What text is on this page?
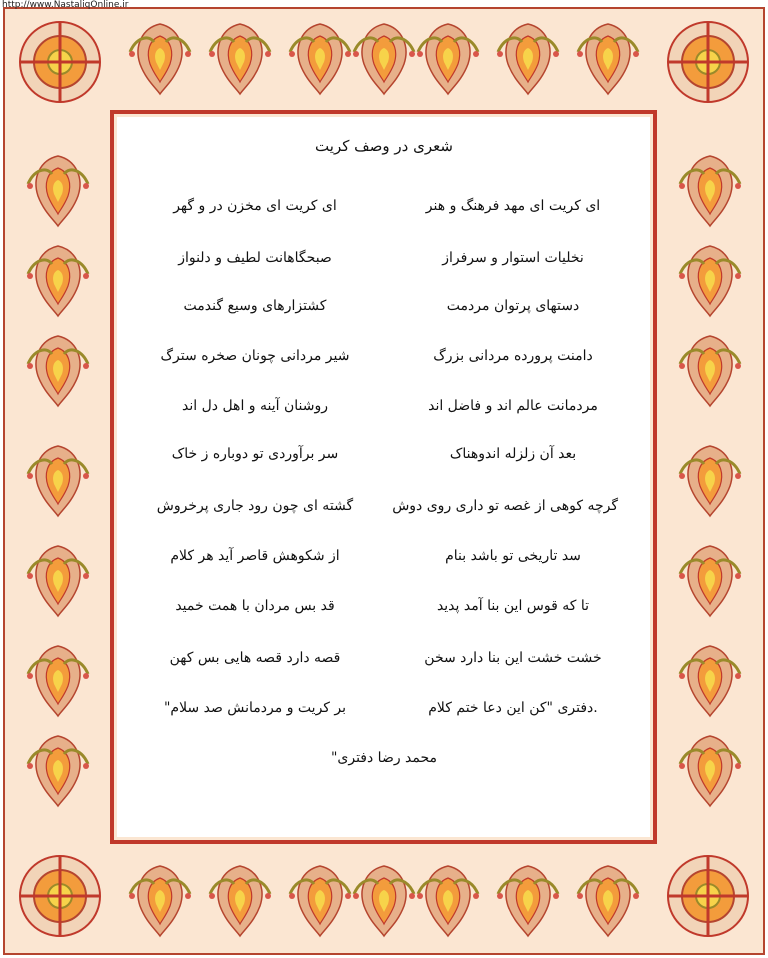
http://www.NastaliqOnline.ir
شعری در وصف کریت
ای کریت ای مهد فرهنگ و هنر
ای کریت ای مخزن در و گهر
نخلیات استوار و سرفراز
صبحگاهانت لطیف و دلنواز
دستهای پرتوان مردمت
کشتزارهای وسیع گندمت
دامنت پرورده مردانی بزرگ
شیر مردانی چونان صخره سترگ
مردمانت عالم اند و فاضل اند
روشنان آینه و اهل دل اند
بعد آن زلزله اندوهناک
سر برآوردی تو دوباره ز خاک
گرچه کوهی از غصه تو داری روی دوش
گشته ای چون رود جاری پرخروش
سد تاریخی تو باشد بنام
از شکوهش قاصر آید هر کلام
تا که قوس این بنا آمد پدید
قد بس مردان با همت خمید
خشت خشت این بنا دارد سخن
قصه دارد قصه هایی بس کهن
.دفتری "کن این دعا ختم کلام
بر کریت و مردمانش صد سلام"
محمد رضا دفتری"
